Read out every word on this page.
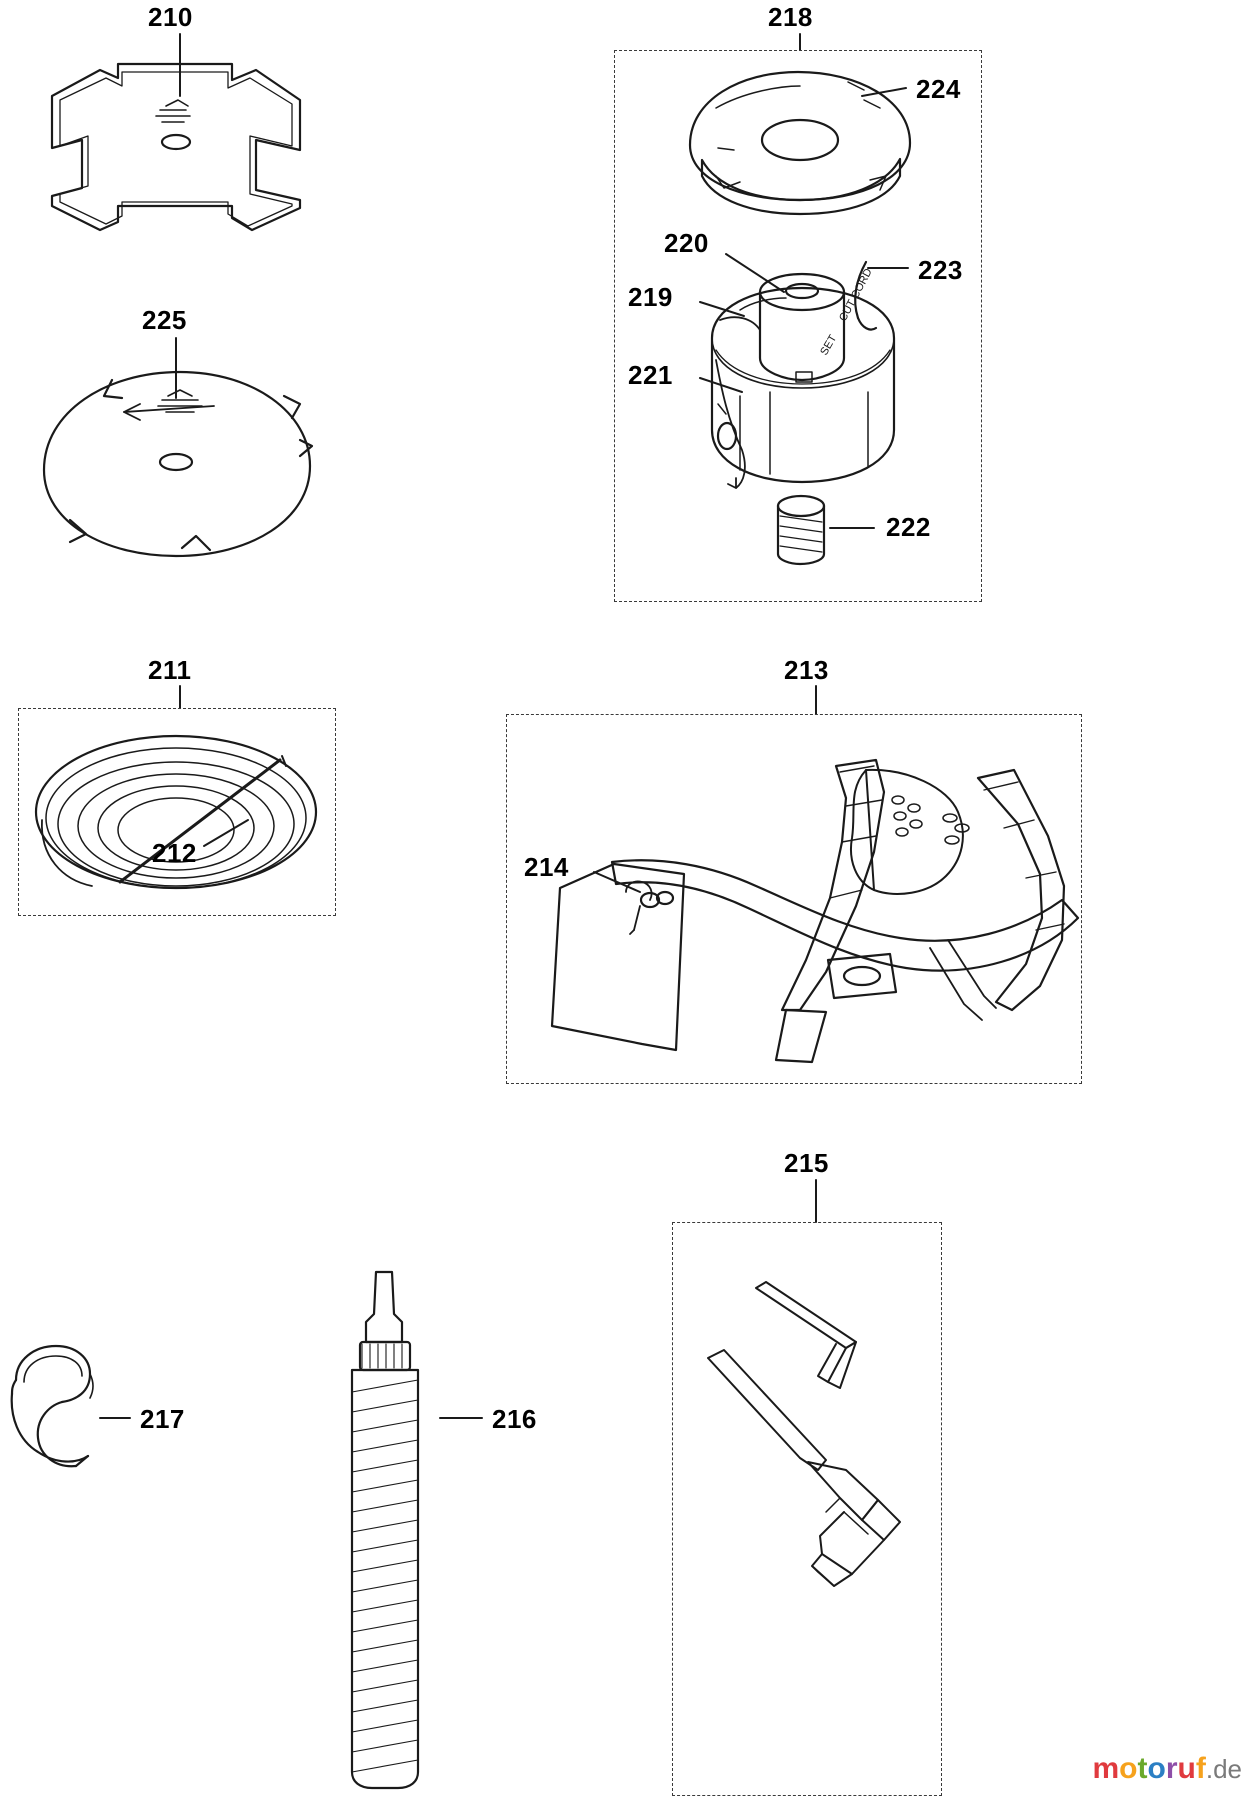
CUT CORD
SET
210
225
211
212
217	216
218
224
220
223
219
221
222
213
214
215
motoruf.de
